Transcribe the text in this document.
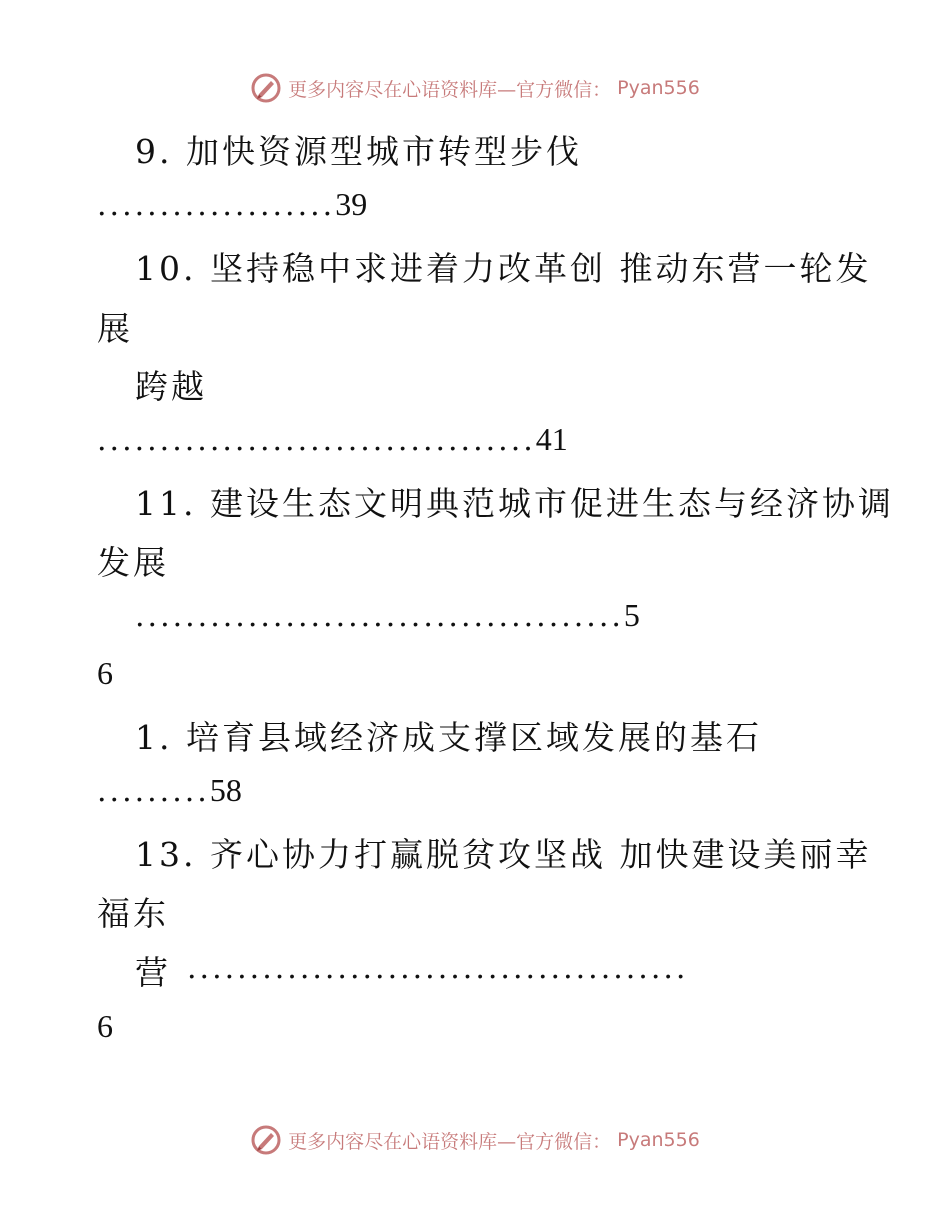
更多内容尽在心语资料库—官方微信： Pyan556
9. 加快资源型城市转型步伐
...................39
10. 坚持稳中求进着力改革创 推动东营一轮发
展
跨越
...................................41
11. 建设生态文明典范城市促进生态与经济协调
发展
.......................................5
6
1. 培育县域经济成支撑区域发展的基石
.........58
13. 齐心协力打赢脱贫攻坚战 加快建设美丽幸
福东
营 ........................................
6
更多内容尽在心语资料库—官方微信： Pyan556
